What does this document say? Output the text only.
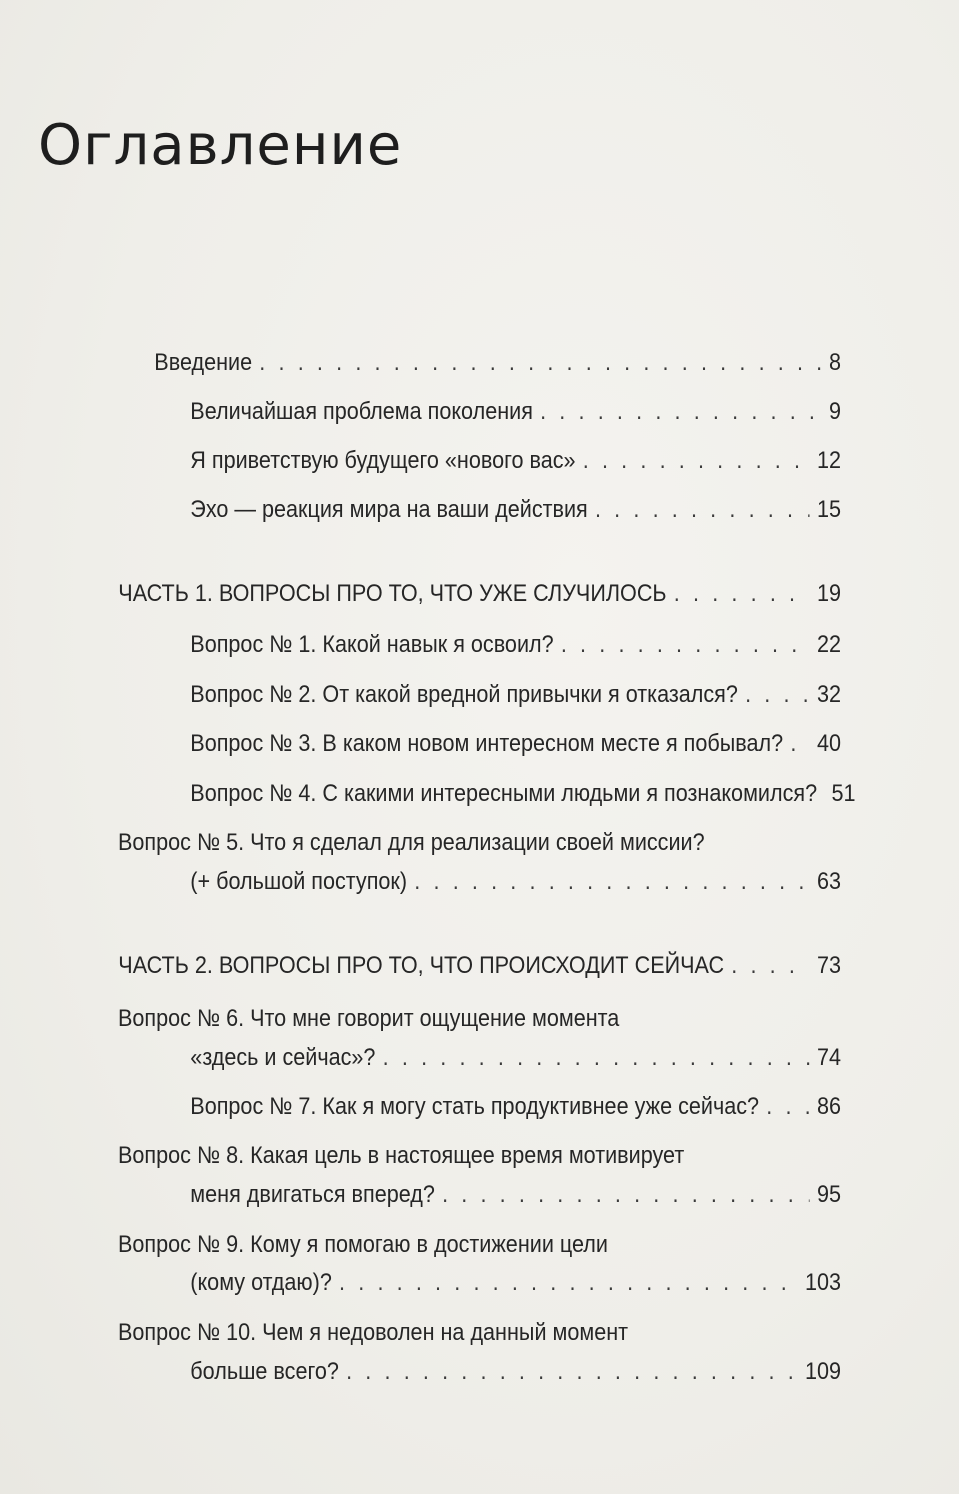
Оглавление
Введение . . .	8
Величайшая проблема поколения . . .	9
Я приветствую будущего «нового вас» . . .	12
Эхо — реакция мира на ваши действия . . .	15
ЧАСТЬ 1. ВОПРОСЫ ПРО ТО, ЧТО УЖЕ СЛУЧИЛОСЬ . . .	19
Вопрос № 1. Какой навык я освоил? . . .	22
Вопрос № 2. От какой вредной привычки я отказался? . . .	32
Вопрос № 3. В каком новом интересном месте я побывал? . . . 40
Вопрос № 4. С какими интересными людьми я познакомился? 51
Вопрос № 5. Что я сделал для реализации своей миссии?
(+ большой поступок) . . .	63
ЧАСТЬ 2. ВОПРОСЫ ПРО ТО, ЧТО ПРОИСХОДИТ СЕЙЧАС . . .	73
Вопрос № 6. Что мне говорит ощущение момента
«здесь и сейчас»? . . .	74
Вопрос № 7. Как я могу стать продуктивнее уже сейчас? . . . 86
Вопрос № 8. Какая цель в настоящее время мотивирует
меня двигаться вперед? . . .	95
Вопрос № 9. Кому я помогаю в достижении цели
(кому отдаю)? . . .	103
Вопрос № 10. Чем я недоволен на данный момент
больше всего? . . .	109
